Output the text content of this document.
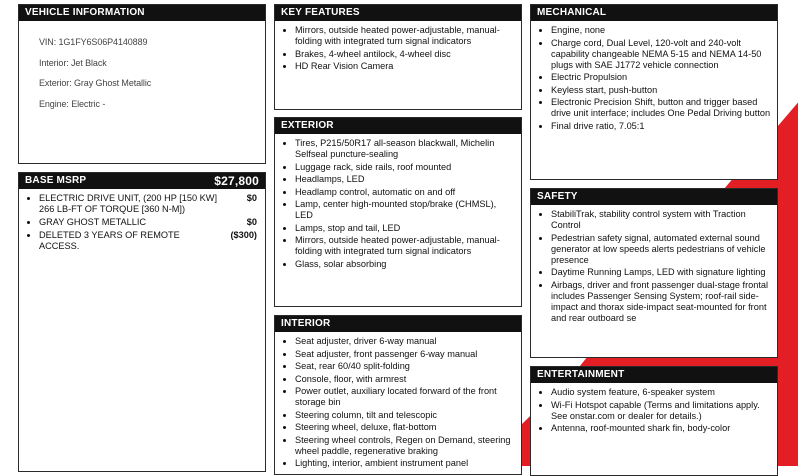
VEHICLE INFORMATION
VIN: 1G1FY6S06P4140889
Interior: Jet Black
Exterior: Gray Ghost Metallic
Engine: Electric -
BASE MSRP	$27,800
• ELECTRIC DRIVE UNIT, (200 HP [150 KW] 266 LB-FT OF TORQUE [360 N-M])
$0
• GRAY GHOST METALLIC	$0
• DELETED 3 YEARS OF REMOTE ACCESS.
($300)
KEY FEATURES
• Mirrors, outside heated power-adjustable, manual-folding with integrated turn signal indicators
• Brakes, 4-wheel antilock, 4-wheel disc
• HD Rear Vision Camera
EXTERIOR
• Tires, P215/50R17 all-season blackwall, Michelin Selfseal puncture-sealing
• Luggage rack, side rails, roof mounted
• Headlamps, LED
• Headlamp control, automatic on and off
• Lamp, center high-mounted stop/brake (CHMSL), LED
• Lamps, stop and tail, LED
• Mirrors, outside heated power-adjustable, manual-folding with integrated turn signal indicators
• Glass, solar absorbing
INTERIOR
• Seat adjuster, driver 6-way manual
• Seat adjuster, front passenger 6-way manual
• Seat, rear 60/40 split-folding
• Console, floor, with armrest
• Power outlet, auxiliary located forward of the front storage bin
• Steering column, tilt and telescopic
• Steering wheel, deluxe, flat-bottom
• Steering wheel controls, Regen on Demand, steering wheel paddle, regenerative braking
• Lighting, interior, ambient instrument panel
MECHANICAL
• Engine, none
• Charge cord, Dual Level, 120-volt and 240-volt capability changeable NEMA 5-15 and NEMA 14-50 plugs with SAE J1772 vehicle connection
• Electric Propulsion
• Keyless start, push-button
• Electronic Precision Shift, button and trigger based drive unit interface; includes One Pedal Driving button
• Final drive ratio, 7.05:1
SAFETY
• StabiliTrak, stability control system with Traction Control
• Pedestrian safety signal, automated external sound generator at low speeds alerts pedestrians of vehicle presence
• Daytime Running Lamps, LED with signature lighting
• Airbags, driver and front passenger dual-stage frontal includes Passenger Sensing System; roof-rail side-impact and thorax side-impact seat-mounted for front and rear outboard se
ENTERTAINMENT
• Audio system feature, 6-speaker system
• Wi-Fi Hotspot capable (Terms and limitations apply. See onstar.com or dealer for details.)
• Antenna, roof-mounted shark fin, body-color
